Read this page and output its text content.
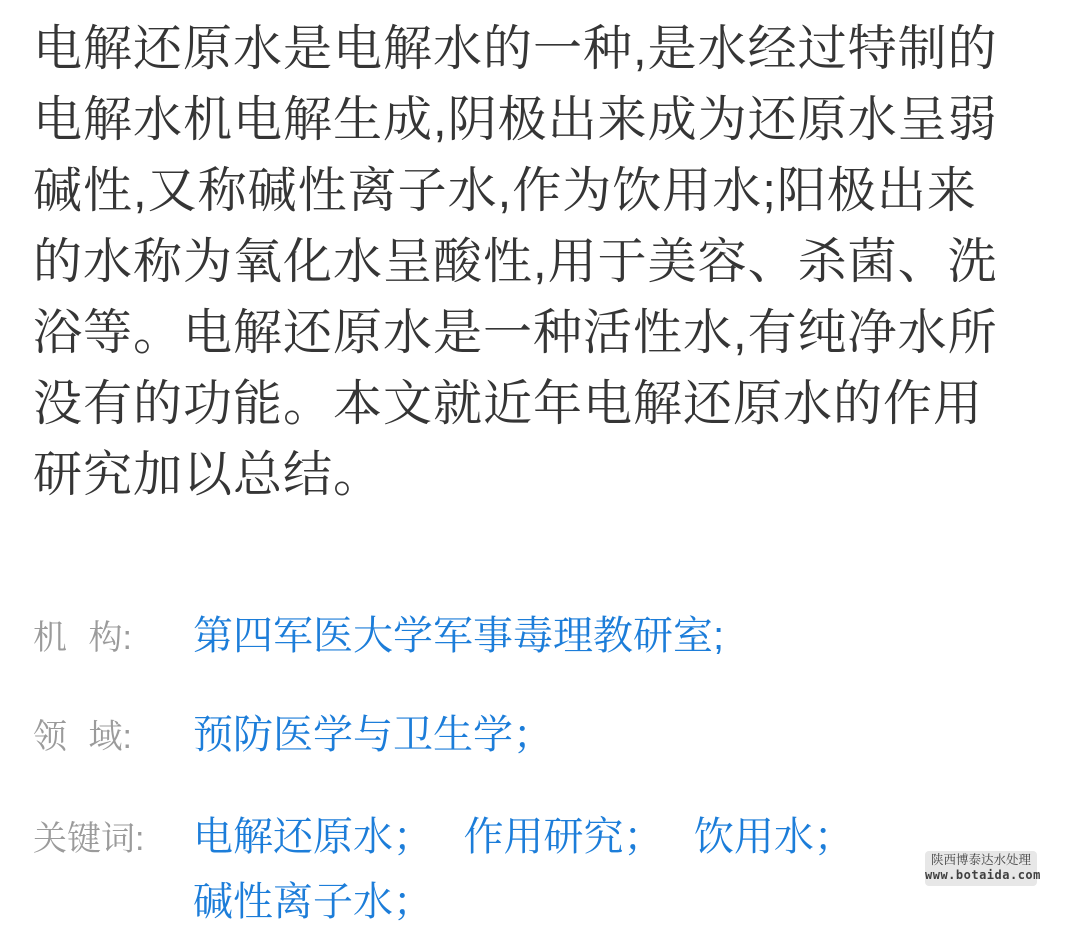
电解还原水是电解水的一种,是水经过特制的
电解水机电解生成,阴极出来成为还原水呈弱
碱性,又称碱性离子水,作为饮用水;阳极出来
的水称为氧化水呈酸性,用于美容、杀菌、洗
浴等。电解还原水是一种活性水,有纯净水所
没有的功能。本文就近年电解还原水的作用
研究加以总结。
机 构:	第四军医大学军事毒理教研室;
领 域:	预防医学与卫生学；
关键词:	电解还原水； 作用研究； 饮用水；
碱性离子水；
陕西博泰达水处理
www.botaida.com
